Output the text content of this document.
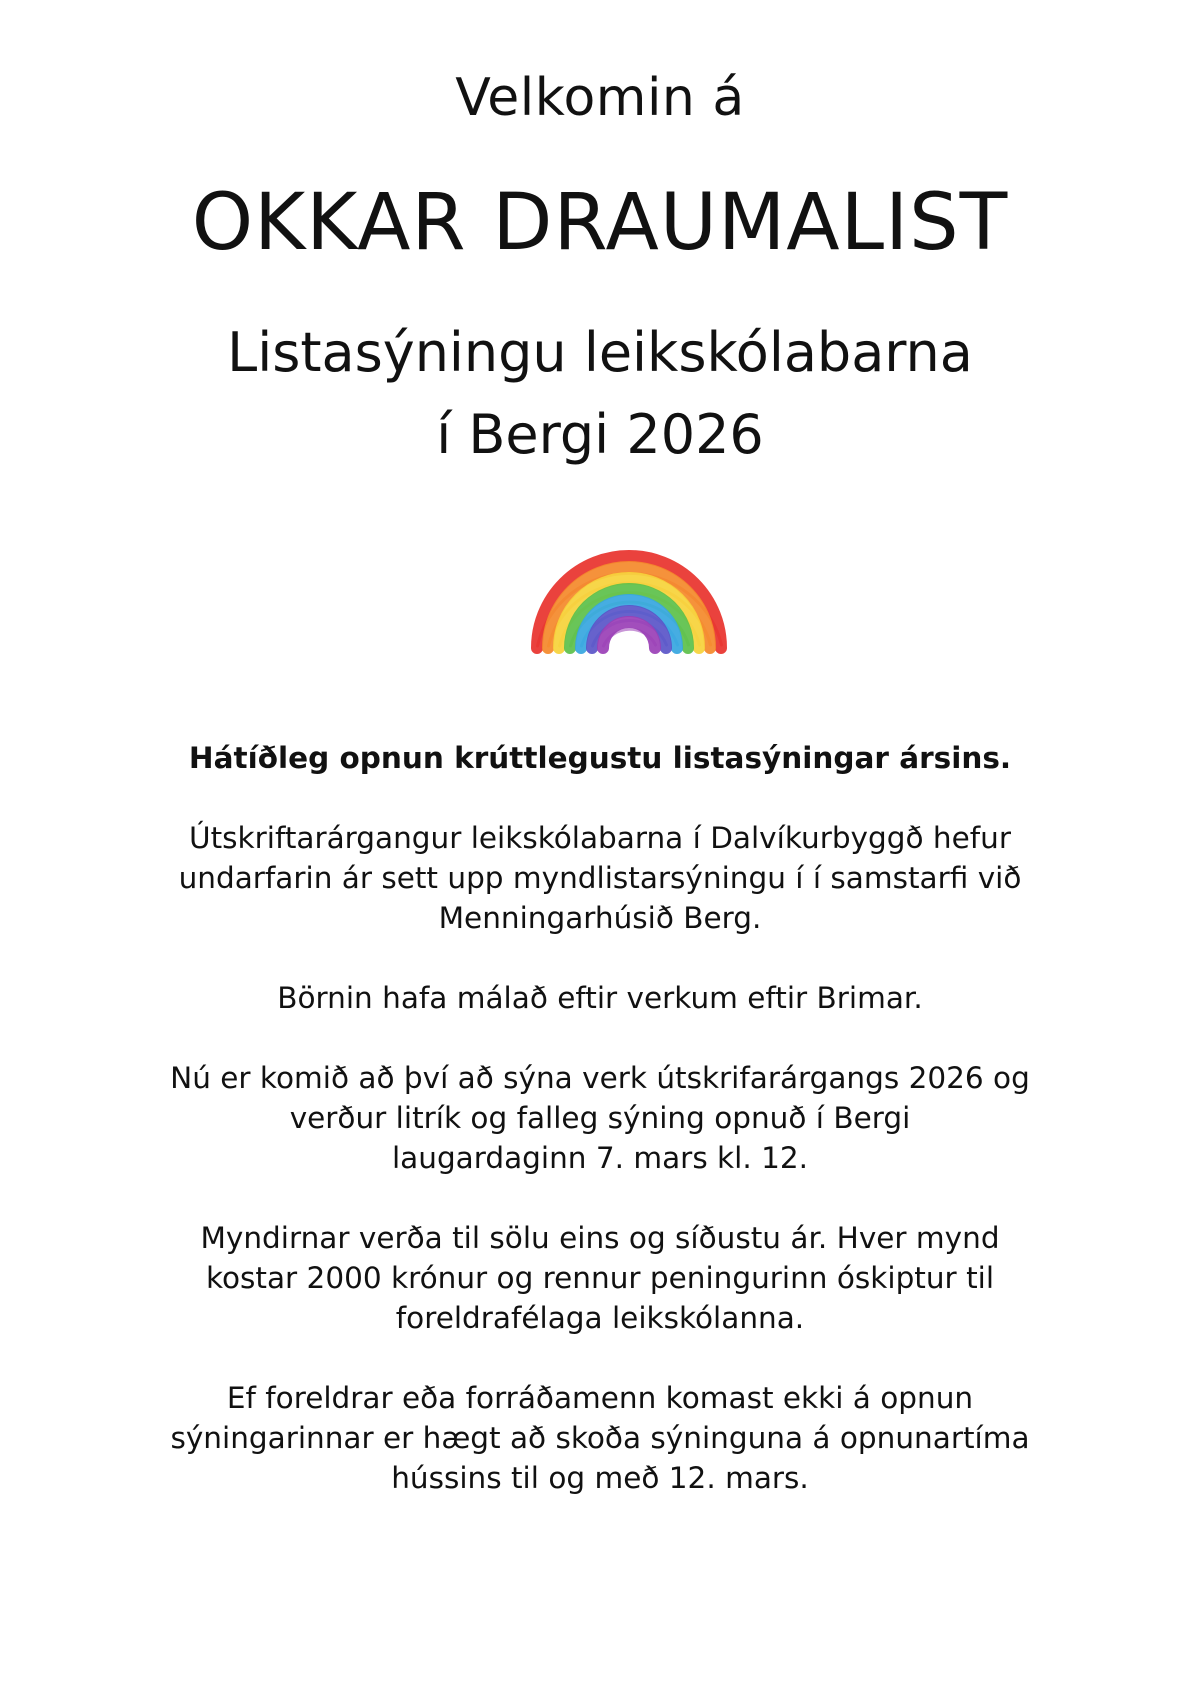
Velkomin á
OKKAR DRAUMALIST
Listasýningu leikskólabarna
í Bergi 2026

Hátíðleg opnun krúttlegustu listasýningar ársins.

Útskriftarárgangur leikskólabarna í Dalvíkurbyggð hefur
undarfarin ár sett upp myndlistarsýningu í í samstarfi við
Menningarhúsið Berg.

Börnin hafa málað eftir verkum eftir Brimar.

Nú er komið að því að sýna verk útskrifarárgangs 2026 og
verður litrík og falleg sýning opnuð í Bergi
laugardaginn 7. mars kl. 12.

Myndirnar verða til sölu eins og síðustu ár. Hver mynd
kostar 2000 krónur og rennur peningurinn óskiptur til
foreldrafélaga leikskólanna.

Ef foreldrar eða forráðamenn komast ekki á opnun
sýningarinnar er hægt að skoða sýninguna á opnunartíma
hússins til og með 12. mars.
